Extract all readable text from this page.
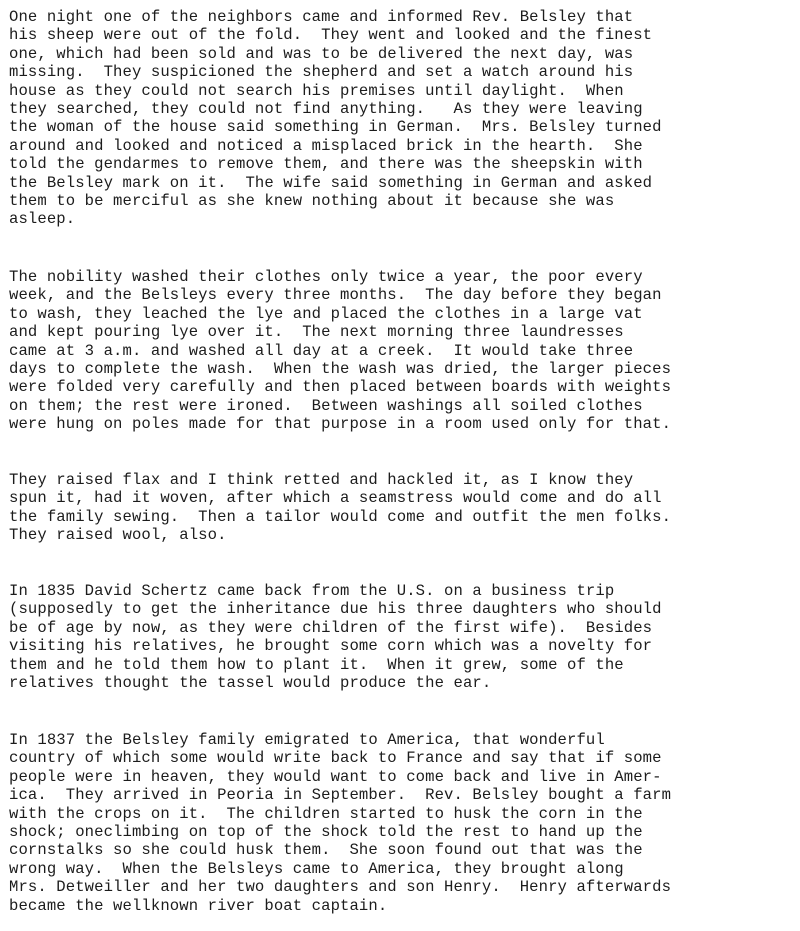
One night one of the neighbors came and informed Rev. Belsley that
his sheep were out of the fold.  They went and looked and the finest
one, which had been sold and was to be delivered the next day, was
missing.  They suspicioned the shepherd and set a watch around his
house as they could not search his premises until daylight.  When
they searched, they could not find anything.   As they were leaving
the woman of the house said something in German.  Mrs. Belsley turned
around and looked and noticed a misplaced brick in the hearth.  She
told the gendarmes to remove them, and there was the sheepskin with
the Belsley mark on it.  The wife said something in German and asked
them to be merciful as she knew nothing about it because she was
asleep.
The nobility washed their clothes only twice a year, the poor every
week, and the Belsleys every three months.  The day before they began
to wash, they leached the lye and placed the clothes in a large vat
and kept pouring lye over it.  The next morning three laundresses
came at 3 a.m. and washed all day at a creek.  It would take three
days to complete the wash.  When the wash was dried, the larger pieces
were folded very carefully and then placed between boards with weights
on them; the rest were ironed.  Between washings all soiled clothes
were hung on poles made for that purpose in a room used only for that.
They raised flax and I think retted and hackled it, as I know they
spun it, had it woven, after which a seamstress would come and do all
the family sewing.  Then a tailor would come and outfit the men folks.
They raised wool, also.
In 1835 David Schertz came back from the U.S. on a business trip
(supposedly to get the inheritance due his three daughters who should
be of age by now, as they were children of the first wife).  Besides
visiting his relatives, he brought some corn which was a novelty for
them and he told them how to plant it.  When it grew, some of the
relatives thought the tassel would produce the ear.
In 1837 the Belsley family emigrated to America, that wonderful
country of which some would write back to France and say that if some
people were in heaven, they would want to come back and live in Amer-
ica.  They arrived in Peoria in September.  Rev. Belsley bought a farm
with the crops on it.  The children started to husk the corn in the
shock; oneclimbing on top of the shock told the rest to hand up the
cornstalks so she could husk them.  She soon found out that was the
wrong way.  When the Belsleys came to America, they brought along
Mrs. Detweiller and her two daughters and son Henry.  Henry afterwards
became the wellknown river boat captain.
